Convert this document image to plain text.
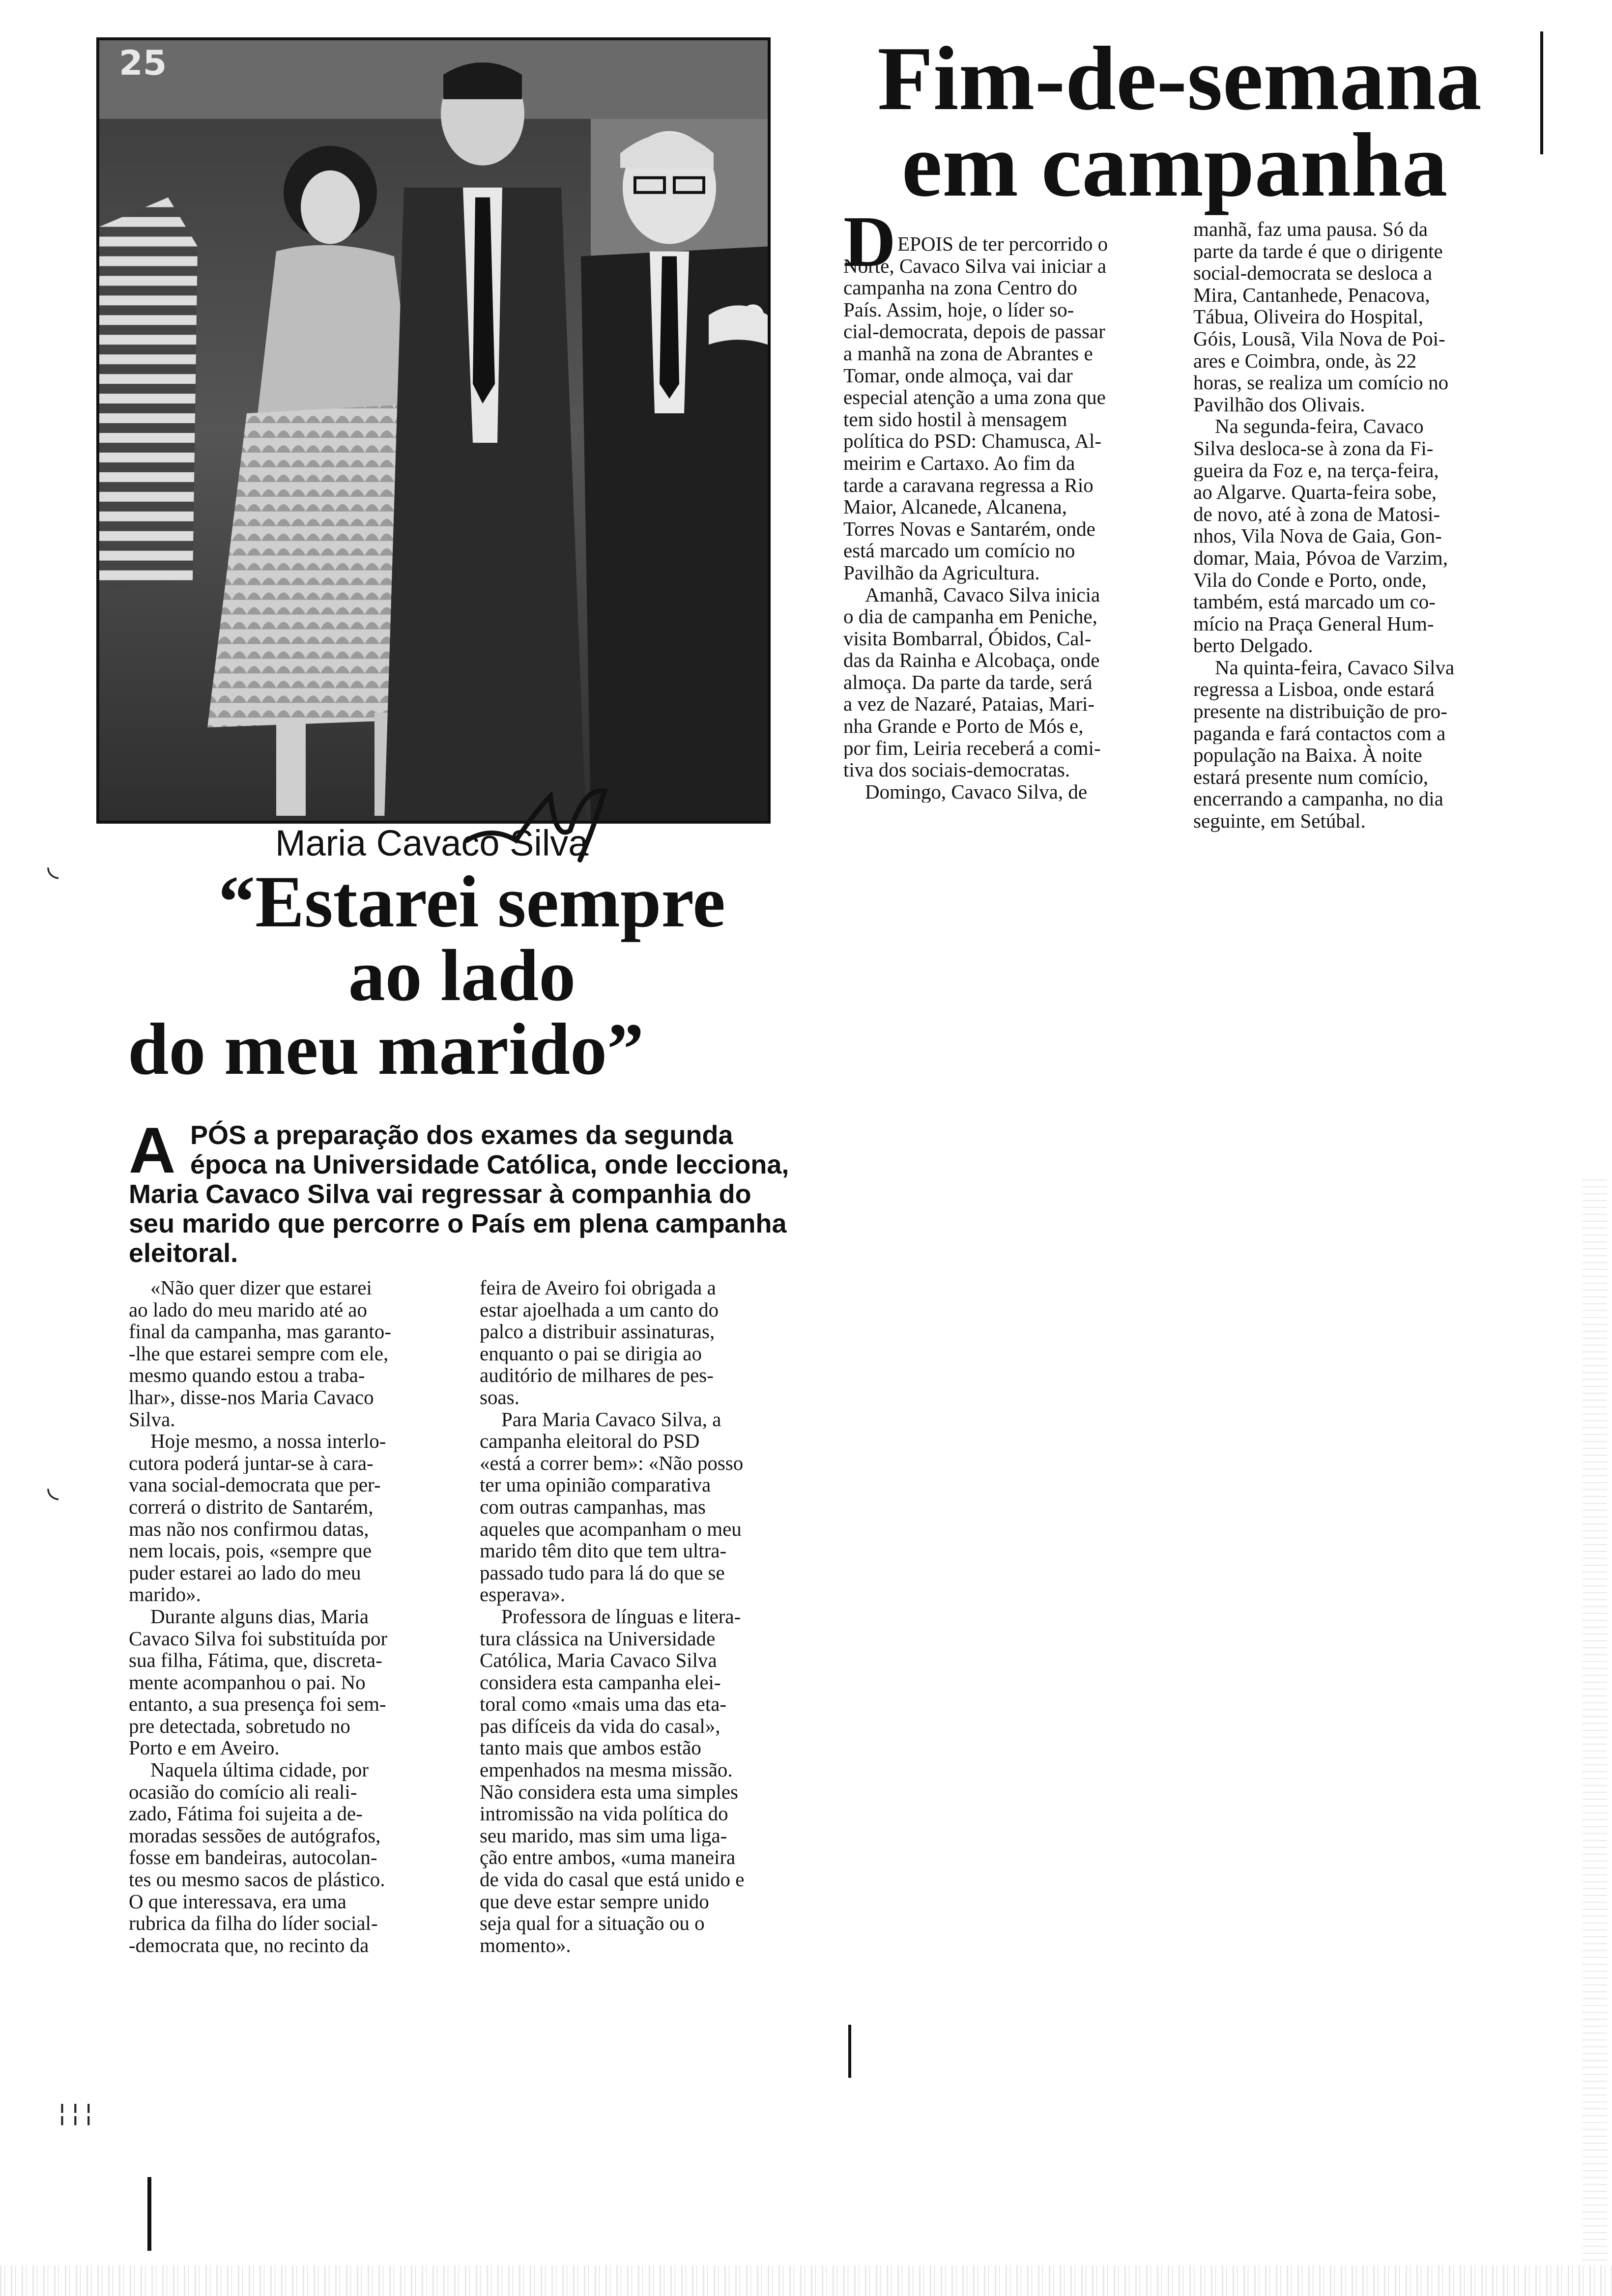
25
Maria Cavaco Silva
“Estarei sempre
ao lado
do meu marido”
A PÓS a preparação dos exames da segunda
época na Universidade Católica, onde lecciona,
Maria Cavaco Silva vai regressar à companhia do
seu marido que percorre o País em plena campanha
eleitoral.
«Não quer dizer que estarei
ao lado do meu marido até ao
final da campanha, mas garanto-
-lhe que estarei sempre com ele,
mesmo quando estou a traba-
lhar», disse-nos Maria Cavaco
Silva.
Hoje mesmo, a nossa interlo-
cutora poderá juntar-se à cara-
vana social-democrata que per-
correrá o distrito de Santarém,
mas não nos confirmou datas,
nem locais, pois, «sempre que
puder estarei ao lado do meu
marido».
Durante alguns dias, Maria
Cavaco Silva foi substituída por
sua filha, Fátima, que, discreta-
mente acompanhou o pai. No
entanto, a sua presença foi sem-
pre detectada, sobretudo no
Porto e em Aveiro.
Naquela última cidade, por
ocasião do comício ali reali-
zado, Fátima foi sujeita a de-
moradas sessões de autógrafos,
fosse em bandeiras, autocolan-
tes ou mesmo sacos de plástico.
O que interessava, era uma
rubrica da filha do líder social-
-democrata que, no recinto da
feira de Aveiro foi obrigada a
estar ajoelhada a um canto do
palco a distribuir assinaturas,
enquanto o pai se dirigia ao
auditório de milhares de pes-
soas.
Para Maria Cavaco Silva, a
campanha eleitoral do PSD
«está a correr bem»: «Não posso
ter uma opinião comparativa
com outras campanhas, mas
aqueles que acompanham o meu
marido têm dito que tem ultra-
passado tudo para lá do que se
esperava».
Professora de línguas e litera-
tura clássica na Universidade
Católica, Maria Cavaco Silva
considera esta campanha elei-
toral como «mais uma das eta-
pas difíceis da vida do casal»,
tanto mais que ambos estão
empenhados na mesma missão.
Não considera esta uma simples
intromissão na vida política do
seu marido, mas sim uma liga-
ção entre ambos, «uma maneira
de vida do casal que está unido e
que deve estar sempre unido
seja qual for a situação ou o
momento».
Fim-de-semana
em campanha
D EPOIS de ter percorrido o
Norte, Cavaco Silva vai iniciar a
campanha na zona Centro do
País. Assim, hoje, o líder so-
cial-democrata, depois de passar
a manhã na zona de Abrantes e
Tomar, onde almoça, vai dar
especial atenção a uma zona que
tem sido hostil à mensagem
política do PSD: Chamusca, Al-
meirim e Cartaxo. Ao fim da
tarde a caravana regressa a Rio
Maior, Alcanede, Alcanena,
Torres Novas e Santarém, onde
está marcado um comício no
Pavilhão da Agricultura.
Amanhã, Cavaco Silva inicia
o dia de campanha em Peniche,
visita Bombarral, Óbidos, Cal-
das da Rainha e Alcobaça, onde
almoça. Da parte da tarde, será
a vez de Nazaré, Pataias, Mari-
nha Grande e Porto de Mós e,
por fim, Leiria receberá a comi-
tiva dos sociais-democratas.
Domingo, Cavaco Silva, de
manhã, faz uma pausa. Só da
parte da tarde é que o dirigente
social-democrata se desloca a
Mira, Cantanhede, Penacova,
Tábua, Oliveira do Hospital,
Góis, Lousã, Vila Nova de Poi-
ares e Coimbra, onde, às 22
horas, se realiza um comício no
Pavilhão dos Olivais.
Na segunda-feira, Cavaco
Silva desloca-se à zona da Fi-
gueira da Foz e, na terça-feira,
ao Algarve. Quarta-feira sobe,
de novo, até à zona de Matosi-
nhos, Vila Nova de Gaia, Gon-
domar, Maia, Póvoa de Varzim,
Vila do Conde e Porto, onde,
também, está marcado um co-
mício na Praça General Hum-
berto Delgado.
Na quinta-feira, Cavaco Silva
regressa a Lisboa, onde estará
presente na distribuição de pro-
paganda e fará contactos com a
população na Baixa. À noite
estará presente num comício,
encerrando a campanha, no dia
seguinte, em Setúbal.
◟
◟
¦¦¦
